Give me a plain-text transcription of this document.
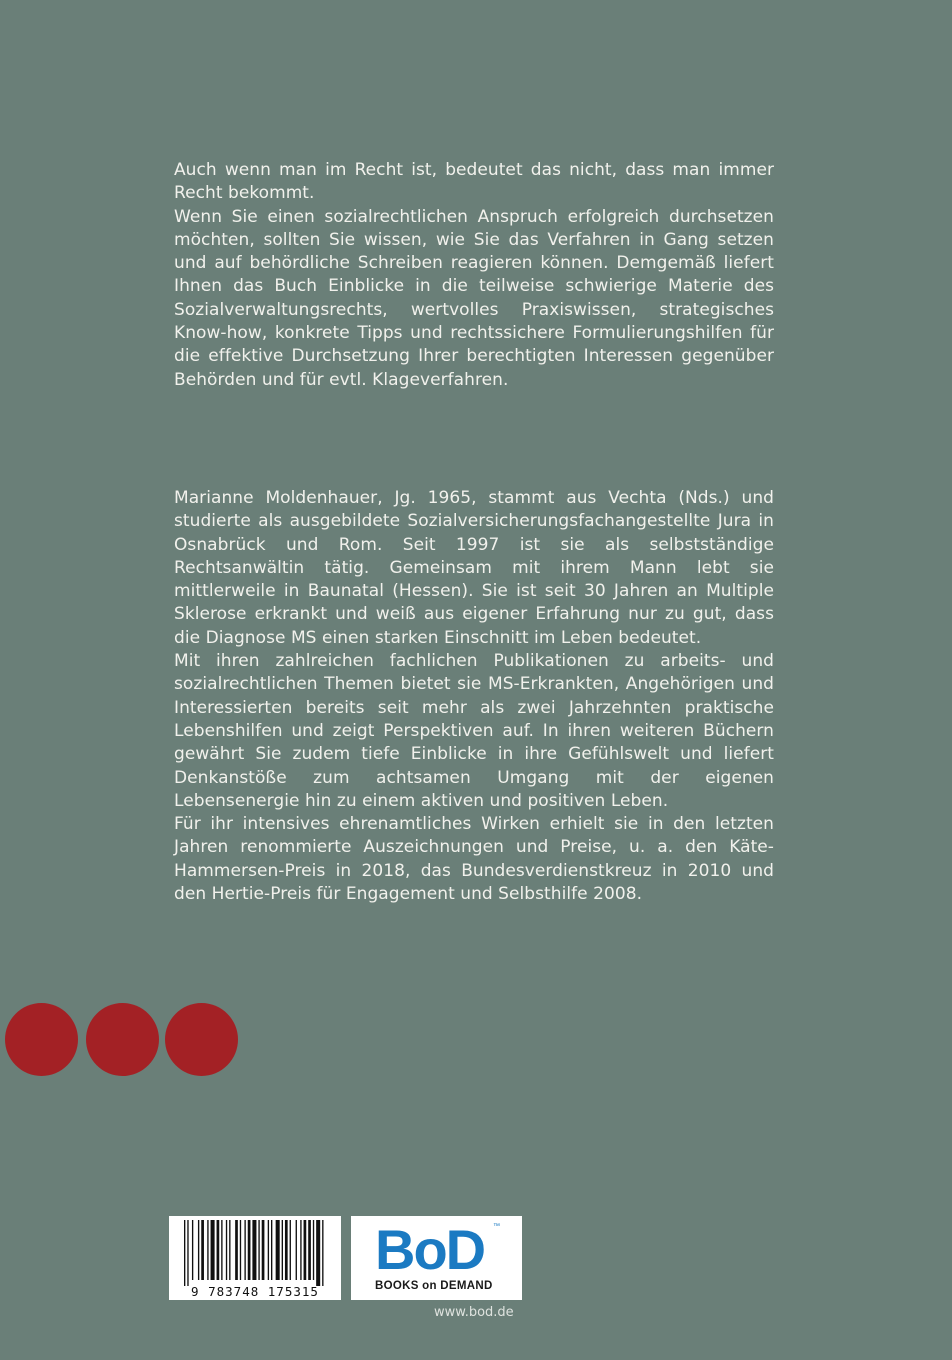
Auch wenn man im Recht ist, bedeutet das nicht, dass man immer Recht bekommt.

Wenn Sie einen sozialrechtlichen Anspruch erfolgreich durchsetzen möchten, sollten Sie wissen, wie Sie das Verfahren in Gang setzen und auf behördliche Schreiben reagieren können. Demgemäß liefert Ihnen das Buch Einblicke in die teilweise schwierige Materie des Sozialverwaltungsrechts, wertvolles Praxiswissen, strategisches Know-how, konkrete Tipps und rechtssichere Formulierungshilfen für die effektive Durchsetzung Ihrer berechtigten Interessen gegenüber Behörden und für evtl. Klageverfahren.

Marianne Moldenhauer, Jg. 1965, stammt aus Vechta (Nds.) und studierte als ausgebildete Sozialversicherungsfachangestellte Jura in Osnabrück und Rom. Seit 1997 ist sie als selbstständige Rechtsanwältin tätig. Gemeinsam mit ihrem Mann lebt sie mittlerweile in Baunatal (Hessen). Sie ist seit 30 Jahren an Multiple Sklerose erkrankt und weiß aus eigener Erfahrung nur zu gut, dass die Diagnose MS einen starken Einschnitt im Leben bedeutet.

Mit ihren zahlreichen fachlichen Publikationen zu arbeits- und sozialrechtlichen Themen bietet sie MS-Erkrankten, Angehörigen und Interessierten bereits seit mehr als zwei Jahrzehnten praktische Lebenshilfen und zeigt Perspektiven auf. In ihren weiteren Büchern gewährt Sie zudem tiefe Einblicke in ihre Gefühlswelt und liefert Denkanstöße zum achtsamen Umgang mit der eigenen Lebensenergie hin zu einem aktiven und positiven Leben.

Für ihr intensives ehrenamtliches Wirken erhielt sie in den letzten Jahren renommierte Auszeichnungen und Preise, u. a. den Käte-Hammersen-Preis in 2018, das Bundesverdienstkreuz in 2010 und den Hertie-Preis für Engagement und Selbsthilfe 2008.

9 783748 175315
BoD ™
BOOKS on DEMAND
www.bod.de
